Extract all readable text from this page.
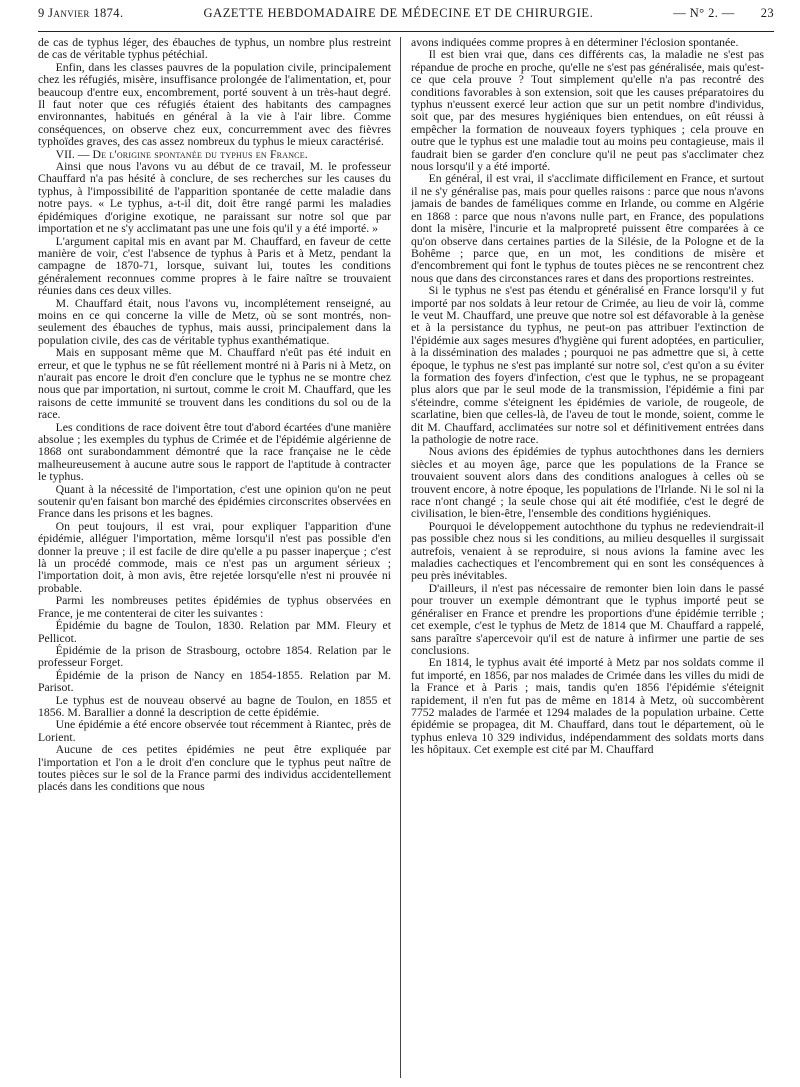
9 Janvier 1874.	GAZETTE HEBDOMADAIRE DE MÉDECINE ET DE CHIRURGIE.	— N° 2. — 23

de cas de typhus léger, des ébauches de typhus, un nombre plus restreint de cas de véritable typhus pétéchial.

Enfin, dans les classes pauvres de la population civile, principalement chez les réfugiés, misère, insuffisance prolongée de l'alimentation, et, pour beaucoup d'entre eux, encombrement, porté souvent à un très-haut degré. Il faut noter que ces réfugiés étaient des habitants des campagnes environnantes, habitués en général à la vie à l'air libre. Comme conséquences, on observe chez eux, concurremment avec des fièvres typhoïdes graves, des cas assez nombreux du typhus le mieux caractérisé.

VII. — De l'origine spontanée du typhus en France.

Ainsi que nous l'avons vu au début de ce travail, M. le professeur Chauffard n'a pas hésité à conclure, de ses recherches sur les causes du typhus, à l'impossibilité de l'apparition spontanée de cette maladie dans notre pays. « Le typhus, a-t-il dit, doit être rangé parmi les maladies épidémiques d'origine exotique, ne paraissant sur notre sol que par importation et ne s'y acclimatant pas une une fois qu'il y a été importé. »

L'argument capital mis en avant par M. Chauffard, en faveur de cette manière de voir, c'est l'absence de typhus à Paris et à Metz, pendant la campagne de 1870-71, lorsque, suivant lui, toutes les conditions généralement reconnues comme propres à le faire naître se trouvaient réunies dans ces deux villes.

M. Chauffard était, nous l'avons vu, incomplétement renseigné, au moins en ce qui concerne la ville de Metz, où se sont montrés, non-seulement des ébauches de typhus, mais aussi, principalement dans la population civile, des cas de véritable typhus exanthématique.

Mais en supposant même que M. Chauffard n'eût pas été induit en erreur, et que le typhus ne se fût réellement montré ni à Paris ni à Metz, on n'aurait pas encore le droit d'en conclure que le typhus ne se montre chez nous que par importation, ni surtout, comme le croit M. Chauffard, que les raisons de cette immunité se trouvent dans les conditions du sol ou de la race.

Les conditions de race doivent être tout d'abord écartées d'une manière absolue ; les exemples du typhus de Crimée et de l'épidémie algérienne de 1868 ont surabondamment démontré que la race française ne le cède malheureusement à aucune autre sous le rapport de l'aptitude à contracter le typhus.

Quant à la nécessité de l'importation, c'est une opinion qu'on ne peut soutenir qu'en faisant bon marché des épidémies circonscrites observées en France dans les prisons et les bagnes.

On peut toujours, il est vrai, pour expliquer l'apparition d'une épidémie, alléguer l'importation, même lorsqu'il n'est pas possible d'en donner la preuve ; il est facile de dire qu'elle a pu passer inaperçue ; c'est là un procédé commode, mais ce n'est pas un argument sérieux ; l'importation doit, à mon avis, être rejetée lorsqu'elle n'est ni prouvée ni probable.

Parmi les nombreuses petites épidémies de typhus observées en France, je me contenterai de citer les suivantes :

Épidémie du bagne de Toulon, 1830. Relation par MM. Fleury et Pellicot.

Épidémie de la prison de Strasbourg, octobre 1854. Relation par le professeur Forget.

Épidémie de la prison de Nancy en 1854-1855. Relation par M. Parisot.

Le typhus est de nouveau observé au bagne de Toulon, en 1855 et 1856. M. Barallier a donné la description de cette épidémie.

Une épidémie a été encore observée tout récemment à Riantec, près de Lorient.

Aucune de ces petites épidémies ne peut être expliquée par l'importation et l'on a le droit d'en conclure que le typhus peut naître de toutes pièces sur le sol de la France parmi des individus accidentellement placés dans les conditions que nous

avons indiquées comme propres à en déterminer l'éclosion spontanée.

Il est bien vrai que, dans ces différents cas, la maladie ne s'est pas répandue de proche en proche, qu'elle ne s'est pas généralisée, mais qu'est-ce que cela prouve ? Tout simplement qu'elle n'a pas recontré des conditions favorables à son extension, soit que les causes préparatoires du typhus n'eussent exercé leur action que sur un petit nombre d'individus, soit que, par des mesures hygiéniques bien entendues, on eût réussi à empêcher la formation de nouveaux foyers typhiques ; cela prouve en outre que le typhus est une maladie tout au moins peu contagieuse, mais il faudrait bien se garder d'en conclure qu'il ne peut pas s'acclimater chez nous lorsqu'il y a été importé.

En général, il est vrai, il s'acclimate difficilement en France, et surtout il ne s'y généralise pas, mais pour quelles raisons : parce que nous n'avons jamais de bandes de faméliques comme en Irlande, ou comme en Algérie en 1868 : parce que nous n'avons nulle part, en France, des populations dont la misère, l'incurie et la malpropreté puissent être comparées à ce qu'on observe dans certaines parties de la Silésie, de la Pologne et de la Bohême ; parce que, en un mot, les conditions de misère et d'encombrement qui font le typhus de toutes pièces ne se rencontrent chez nous que dans des circonstances rares et dans des proportions restreintes.

Si le typhus ne s'est pas étendu et généralisé en France lorsqu'il y fut importé par nos soldats à leur retour de Crimée, au lieu de voir là, comme le veut M. Chauffard, une preuve que notre sol est défavorable à la genèse et à la persistance du typhus, ne peut-on pas attribuer l'extinction de l'épidémie aux sages mesures d'hygiène qui furent adoptées, en particulier, à la dissémination des malades ; pourquoi ne pas admettre que si, à cette époque, le typhus ne s'est pas implanté sur notre sol, c'est qu'on a su éviter la formation des foyers d'infection, c'est que le typhus, ne se propageant plus alors que par le seul mode de la transmission, l'épidémie a fini par s'éteindre, comme s'éteignent les épidémies de variole, de rougeole, de scarlatine, bien que celles-là, de l'aveu de tout le monde, soient, comme le dit M. Chauffard, acclimatées sur notre sol et définitivement entrées dans la pathologie de notre race.

Nous avions des épidémies de typhus autochthones dans les derniers siècles et au moyen âge, parce que les populations de la France se trouvaient souvent alors dans des conditions analogues à celles où se trouvent encore, à notre époque, les populations de l'Irlande. Ni le sol ni la race n'ont changé ; la seule chose qui ait été modifiée, c'est le degré de civilisation, le bien-être, l'ensemble des conditions hygiéniques.

Pourquoi le développement autochthone du typhus ne redeviendrait-il pas possible chez nous si les conditions, au milieu desquelles il surgissait autrefois, venaient à se reproduire, si nous avions la famine avec les maladies cachectiques et l'encombrement qui en sont les conséquences à peu près inévitables.

D'ailleurs, il n'est pas nécessaire de remonter bien loin dans le passé pour trouver un exemple démontrant que le typhus importé peut se généraliser en France et prendre les proportions d'une épidémie terrible ; cet exemple, c'est le typhus de Metz de 1814 que M. Chauffard a rappelé, sans paraître s'apercevoir qu'il est de nature à infirmer une partie de ses conclusions.

En 1814, le typhus avait été importé à Metz par nos soldats comme il fut importé, en 1856, par nos malades de Crimée dans les villes du midi de la France et à Paris ; mais, tandis qu'en 1856 l'épidémie s'éteignit rapidement, il n'en fut pas de même en 1814 à Metz, où succombèrent 7752 malades de l'armée et 1294 malades de la population urbaine. Cette épidémie se propagea, dit M. Chauffard, dans tout le département, où le typhus enleva 10 329 individus, indépendamment des soldats morts dans les hôpitaux. Cet exemple est cité par M. Chauffard
